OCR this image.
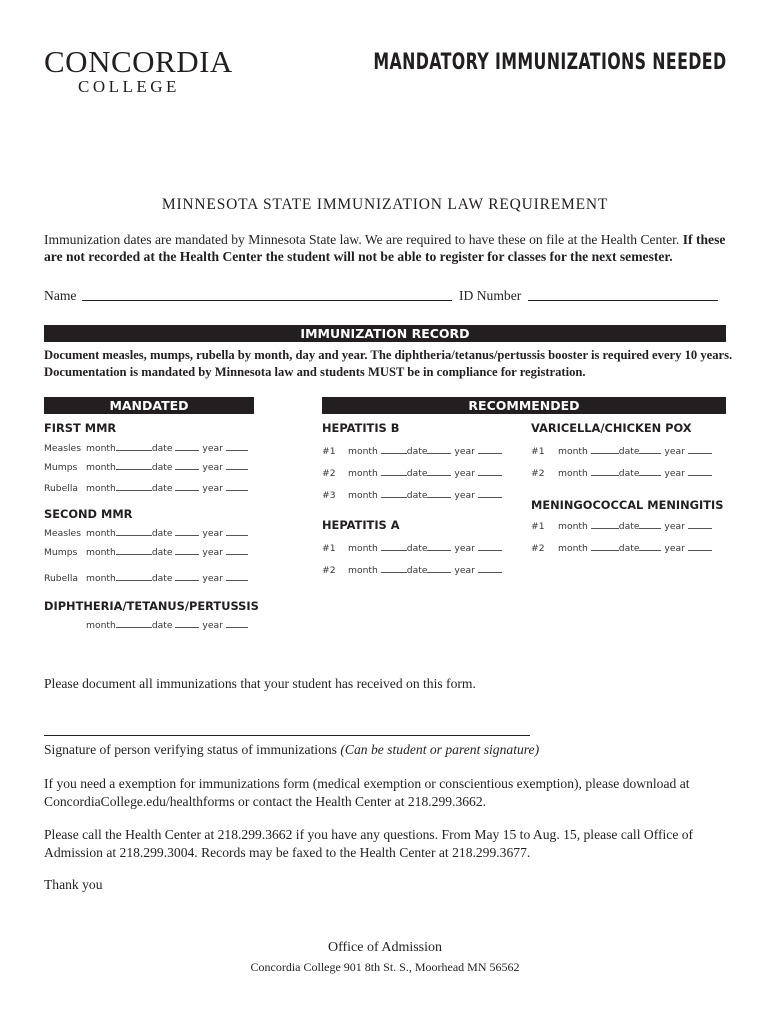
CONCORDIA
COLLEGE
MANDATORY IMMUNIZATIONS NEEDED
MINNESOTA STATE IMMUNIZATION LAW REQUIREMENT
Immunization dates are mandated by Minnesota State law. We are required to have these on file at the Health Center. If these are not recorded at the Health Center the student will not be able to register for classes for the next semester.
Name	ID Number
IMMUNIZATION RECORD
Document measles, mumps, rubella by month, day and year. The diphtheria/tetanus/pertussis booster is required every 10 years.
Documentation is mandated by Minnesota law and students MUST be in compliance for registration.
MANDATED	RECOMMENDED
FIRST MMR
Measles month	date	year
Mumps month	date	year
Rubella month	date	year
SECOND MMR
Measles month	date	year
Mumps month	date	year
Rubella month	date	year
DIPHTHERIA/TETANUS/PERTUSSIS
month	date	year
HEPATITIS B
#1 month	date	year
#2 month	date	year
#3 month	date	year
HEPATITIS A
#1 month	date	year
#2 month	date	year
VARICELLA/CHICKEN POX
#1 month	date	year
#2 month	date	year
MENINGOCOCCAL MENINGITIS
#1 month	date	year
#2 month	date	year
Please document all immunizations that your student has received on this form.
Signature of person verifying status of immunizations (Can be student or parent signature)
If you need a exemption for immunizations form (medical exemption or conscientious exemption), please download at
ConcordiaCollege.edu/healthforms or contact the Health Center at 218.299.3662.
Please call the Health Center at 218.299.3662 if you have any questions. From May 15 to Aug. 15, please call Office of
Admission at 218.299.3004. Records may be faxed to the Health Center at 218.299.3677.
Thank you
Office of Admission
Concordia College 901 8th St. S., Moorhead MN 56562
